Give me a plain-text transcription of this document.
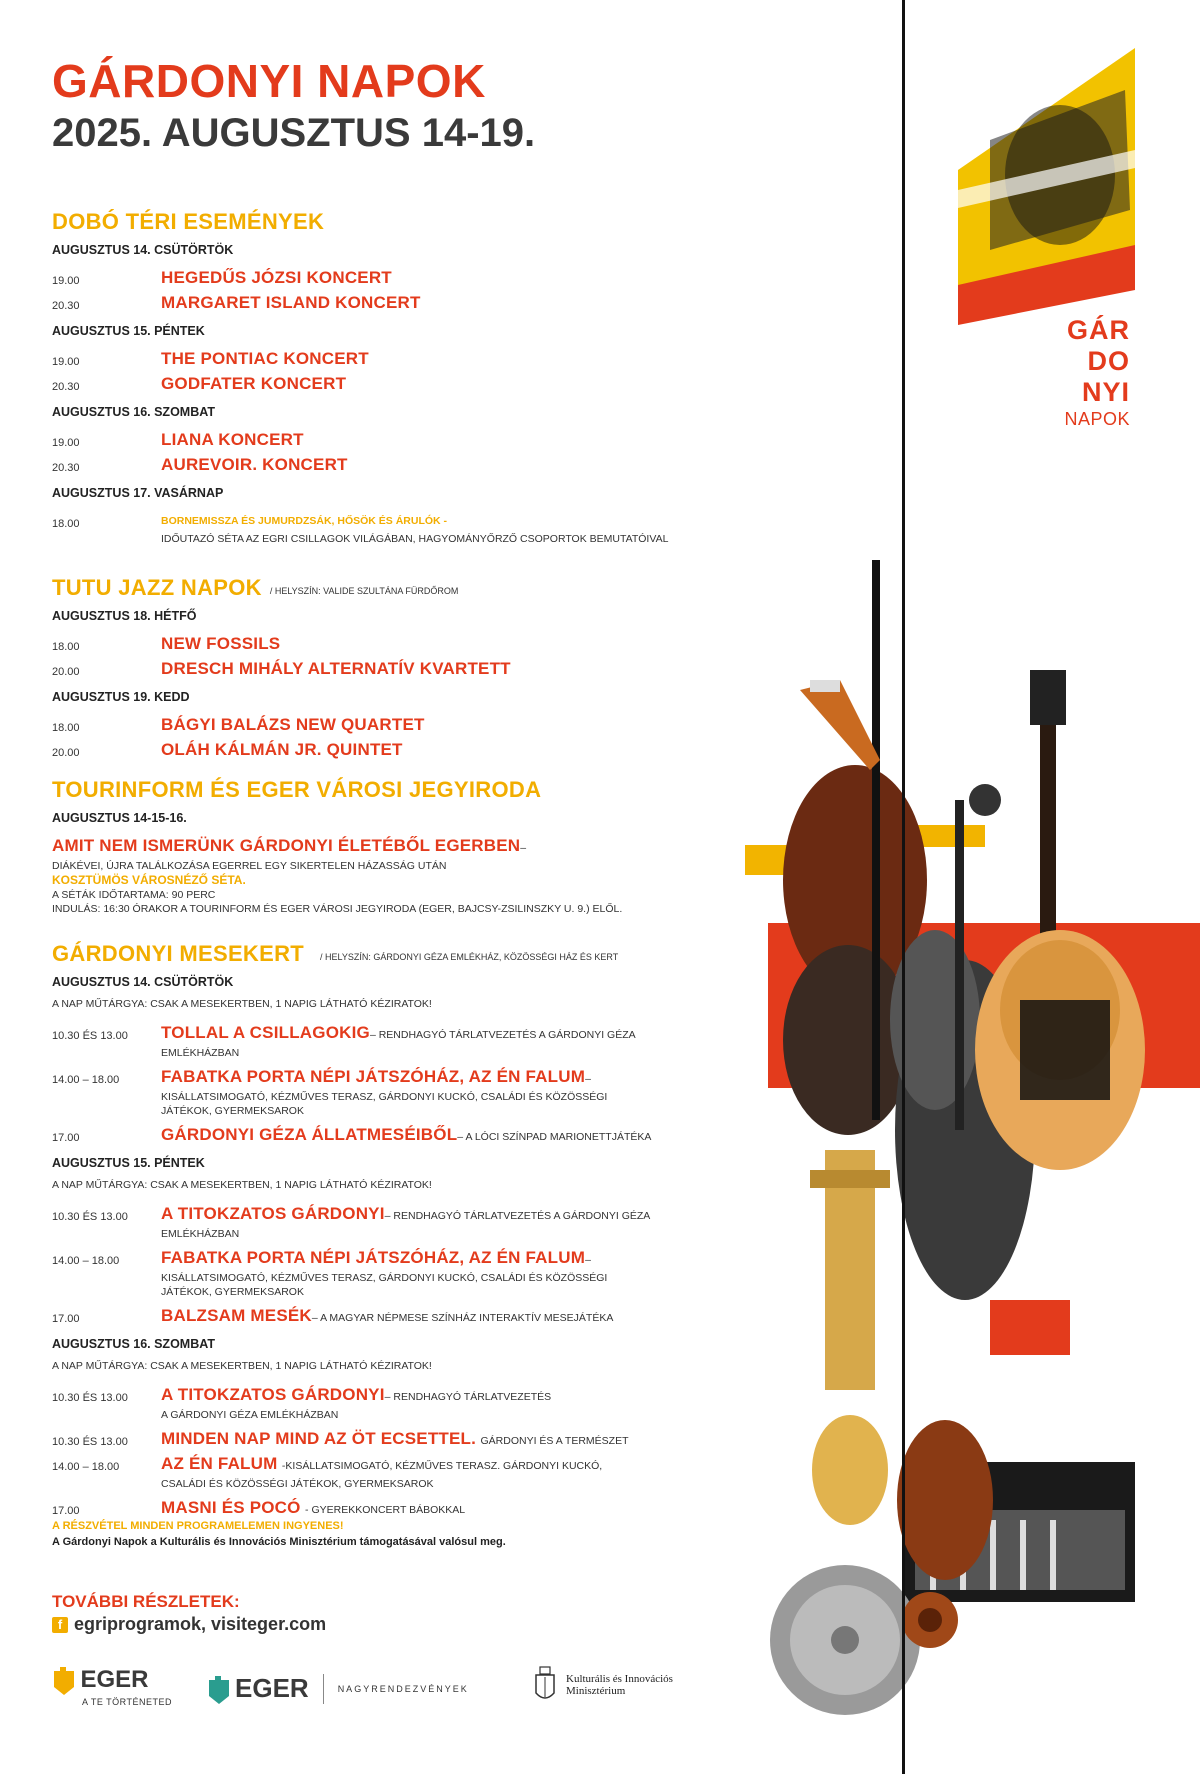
GÁR
DO
NYI
NAPOK
GÁRDONYI NAPOK
2025. AUGUSZTUS 14-19.
DOBÓ TÉRI ESEMÉNYEK
AUGUSZTUS 14. CSÜTÖRTÖK
19.00	HEGEDŰS JÓZSI KONCERT
20.30	MARGARET ISLAND KONCERT
AUGUSZTUS 15. PÉNTEK
19.00	THE PONTIAC KONCERT
20.30	GODFATER KONCERT
AUGUSZTUS 16. SZOMBAT
19.00	LIANA KONCERT
20.30	AUREVOIR. KONCERT
AUGUSZTUS 17. VASÁRNAP
18.00	BORNEMISSZA ÉS JUMURDZSÁK, HŐSÖK ÉS ÁRULÓK -
IDŐUTAZÓ SÉTA AZ EGRI CSILLAGOK VILÁGÁBAN, HAGYOMÁNYŐRZŐ CSOPORTOK BEMUTATÓIVAL
TUTU JAZZ NAPOK / HELYSZÍN: VALIDE SZULTÁNA FÜRDŐROM
AUGUSZTUS 18. HÉTFŐ
18.00	NEW FOSSILS
20.00	DRESCH MIHÁLY ALTERNATÍV KVARTETT
AUGUSZTUS 19. KEDD
18.00	BÁGYI BALÁZS NEW QUARTET
20.00	OLÁH KÁLMÁN JR. QUINTET
TOURINFORM ÉS EGER VÁROSI JEGYIRODA
AUGUSZTUS 14-15-16.
AMIT NEM ISMERÜNK GÁRDONYI ÉLETÉBŐL EGERBEN–
DIÁKÉVEI, ÚJRA TALÁLKOZÁSA EGERREL EGY SIKERTELEN HÁZASSÁG UTÁN
KOSZTÜMÖS VÁROSNÉZŐ SÉTA.
A SÉTÁK IDŐTARTAMA: 90 PERC
INDULÁS: 16:30 ÓRAKOR A TOURINFORM ÉS EGER VÁROSI JEGYIRODA (EGER, BAJCSY-ZSILINSZKY U. 9.) ELŐL.
GÁRDONYI MESEKERT / HELYSZÍN: GÁRDONYI GÉZA EMLÉKHÁZ, KÖZÖSSÉGI HÁZ ÉS KERT
AUGUSZTUS 14. CSÜTÖRTÖK
A NAP MŰTÁRGYA: CSAK A MESEKERTBEN, 1 NAPIG LÁTHATÓ KÉZIRATOK!
10.30 ÉS 13.00	TOLLAL A CSILLAGOKIG– RENDHAGYÓ TÁRLATVEZETÉS A GÁRDONYI GÉZA
EMLÉKHÁZBAN
14.00 – 18.00	FABATKA PORTA NÉPI JÁTSZÓHÁZ, AZ ÉN FALUM–
KISÁLLATSIMOGATÓ, KÉZMŰVES TERASZ, GÁRDONYI KUCKÓ, CSALÁDI ÉS KÖZÖSSÉGI
JÁTÉKOK, GYERMEKSAROK
17.00	GÁRDONYI GÉZA ÁLLATMESÉIBŐL– A LÓCI SZÍNPAD MARIONETTJÁTÉKA
AUGUSZTUS 15. PÉNTEK
A NAP MŰTÁRGYA: CSAK A MESEKERTBEN, 1 NAPIG LÁTHATÓ KÉZIRATOK!
10.30 ÉS 13.00	A TITOKZATOS GÁRDONYI– RENDHAGYÓ TÁRLATVEZETÉS A GÁRDONYI GÉZA
EMLÉKHÁZBAN
14.00 – 18.00	FABATKA PORTA NÉPI JÁTSZÓHÁZ, AZ ÉN FALUM–
KISÁLLATSIMOGATÓ, KÉZMŰVES TERASZ, GÁRDONYI KUCKÓ, CSALÁDI ÉS KÖZÖSSÉGI
JÁTÉKOK, GYERMEKSAROK
17.00	BALZSAM MESÉK– A MAGYAR NÉPMESE SZÍNHÁZ INTERAKTÍV MESEJÁTÉKA
AUGUSZTUS 16. SZOMBAT
A NAP MŰTÁRGYA: CSAK A MESEKERTBEN, 1 NAPIG LÁTHATÓ KÉZIRATOK!
10.30 ÉS 13.00	A TITOKZATOS GÁRDONYI– RENDHAGYÓ TÁRLATVEZETÉS
A GÁRDONYI GÉZA EMLÉKHÁZBAN
10.30 ÉS 13.00	MINDEN NAP MIND AZ ÖT ECSETTEL. GÁRDONYI ÉS A TERMÉSZET
14.00 – 18.00	AZ ÉN FALUM -KISÁLLATSIMOGATÓ, KÉZMŰVES TERASZ. GÁRDONYI KUCKÓ,
CSALÁDI ÉS KÖZÖSSÉGI JÁTÉKOK, GYERMEKSAROK
17.00	MASNI ÉS POCÓ - GYEREKKONCERT BÁBOKKAL
A RÉSZVÉTEL MINDEN PROGRAMELEMEN INGYENES!
A Gárdonyi Napok a Kulturális és Innovációs Minisztérium támogatásával valósul meg.
TOVÁBBI RÉSZLETEK:
f egriprogramok, visiteger.com
EGER
A TE TÖRTÉNETED EGER	NAGYRENDEZVÉNYEK
Kulturális és Innovációs
Minisztérium
